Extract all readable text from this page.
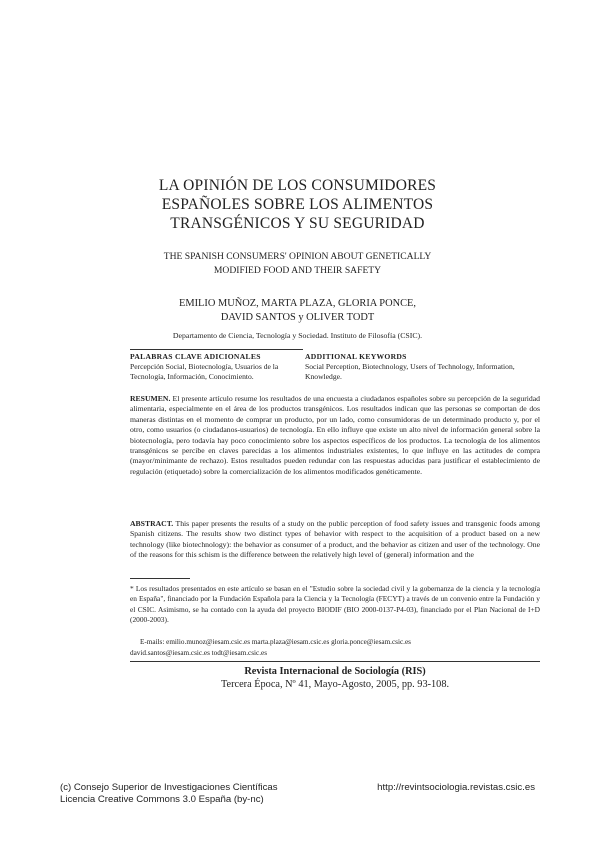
LA OPINIÓN DE LOS CONSUMIDORES
ESPAÑOLES SOBRE LOS ALIMENTOS
TRANSGÉNICOS Y SU SEGURIDAD
THE SPANISH CONSUMERS' OPINION ABOUT GENETICALLY
MODIFIED FOOD AND THEIR SAFETY
EMILIO MUÑOZ, MARTA PLAZA, GLORIA PONCE,
DAVID SANTOS y OLIVER TODT
Departamento de Ciencia, Tecnología y Sociedad. Instituto de Filosofía (CSIC).
PALABRAS CLAVE ADICIONALES
Percepción Social, Biotecnología, Usuarios de la Tecnología, Información, Conocimiento.
ADDITIONAL KEYWORDS
Social Perception, Biotechnology, Users of Technology, Information, Knowledge.
RESUMEN. El presente artículo resume los resultados de una encuesta a ciudadanos españoles sobre su percepción de la seguridad alimentaria, especialmente en el área de los productos transgénicos. Los resultados indican que las personas se comportan de dos maneras distintas en el momento de comprar un producto, por un lado, como consumidoras de un determinado producto y, por el otro, como usuarios (o ciudadanos-usuarios) de tecnología. En ello influye que existe un alto nivel de información general sobre la biotecnología, pero todavía hay poco conocimiento sobre los aspectos específicos de los productos. La tecnología de los alimentos transgénicos se percibe en claves parecidas a los alimentos industriales existentes, lo que influye en las actitudes de compra (mayor/minimante de rechazo). Estos resultados pueden redundar con las respuestas aducidas para justificar el establecimiento de regulación (etiquetado) sobre la comercialización de los alimentos modificados genéticamente.
ABSTRACT. This paper presents the results of a study on the public perception of food safety issues and transgenic foods among Spanish citizens. The results show two distinct types of behavior with respect to the acquisition of a product based on a new technology (like biotechnology): the behavior as consumer of a product, and the behavior as citizen and user of the technology. One of the reasons for this schism is the difference between the relatively high level of (general) information and the
* Los resultados presentados en este artículo se basan en el "Estudio sobre la sociedad civil y la gobernanza de la ciencia y la tecnología en España", financiado por la Fundación Española para la Ciencia y la Tecnología (FECYT) a través de un convenio entre la Fundación y el CSIC. Asimismo, se ha contado con la ayuda del proyecto BIODIF (BIO 2000-0137-P4-03), financiado por el Plan Nacional de I+D (2000-2003).
E-mails: emilio.munoz@iesam.csic.es marta.plaza@iesam.csic.es gloria.ponce@iesam.csic.es
david.santos@iesam.csic.es todt@iesam.csic.es
Revista Internacional de Sociología (RIS)
Tercera Época, Nº 41, Mayo-Agosto, 2005, pp. 93-108.
(c) Consejo Superior de Investigaciones Científicas
Licencia Creative Commons 3.0 España (by-nc)
http://revintsociologia.revistas.csic.es
